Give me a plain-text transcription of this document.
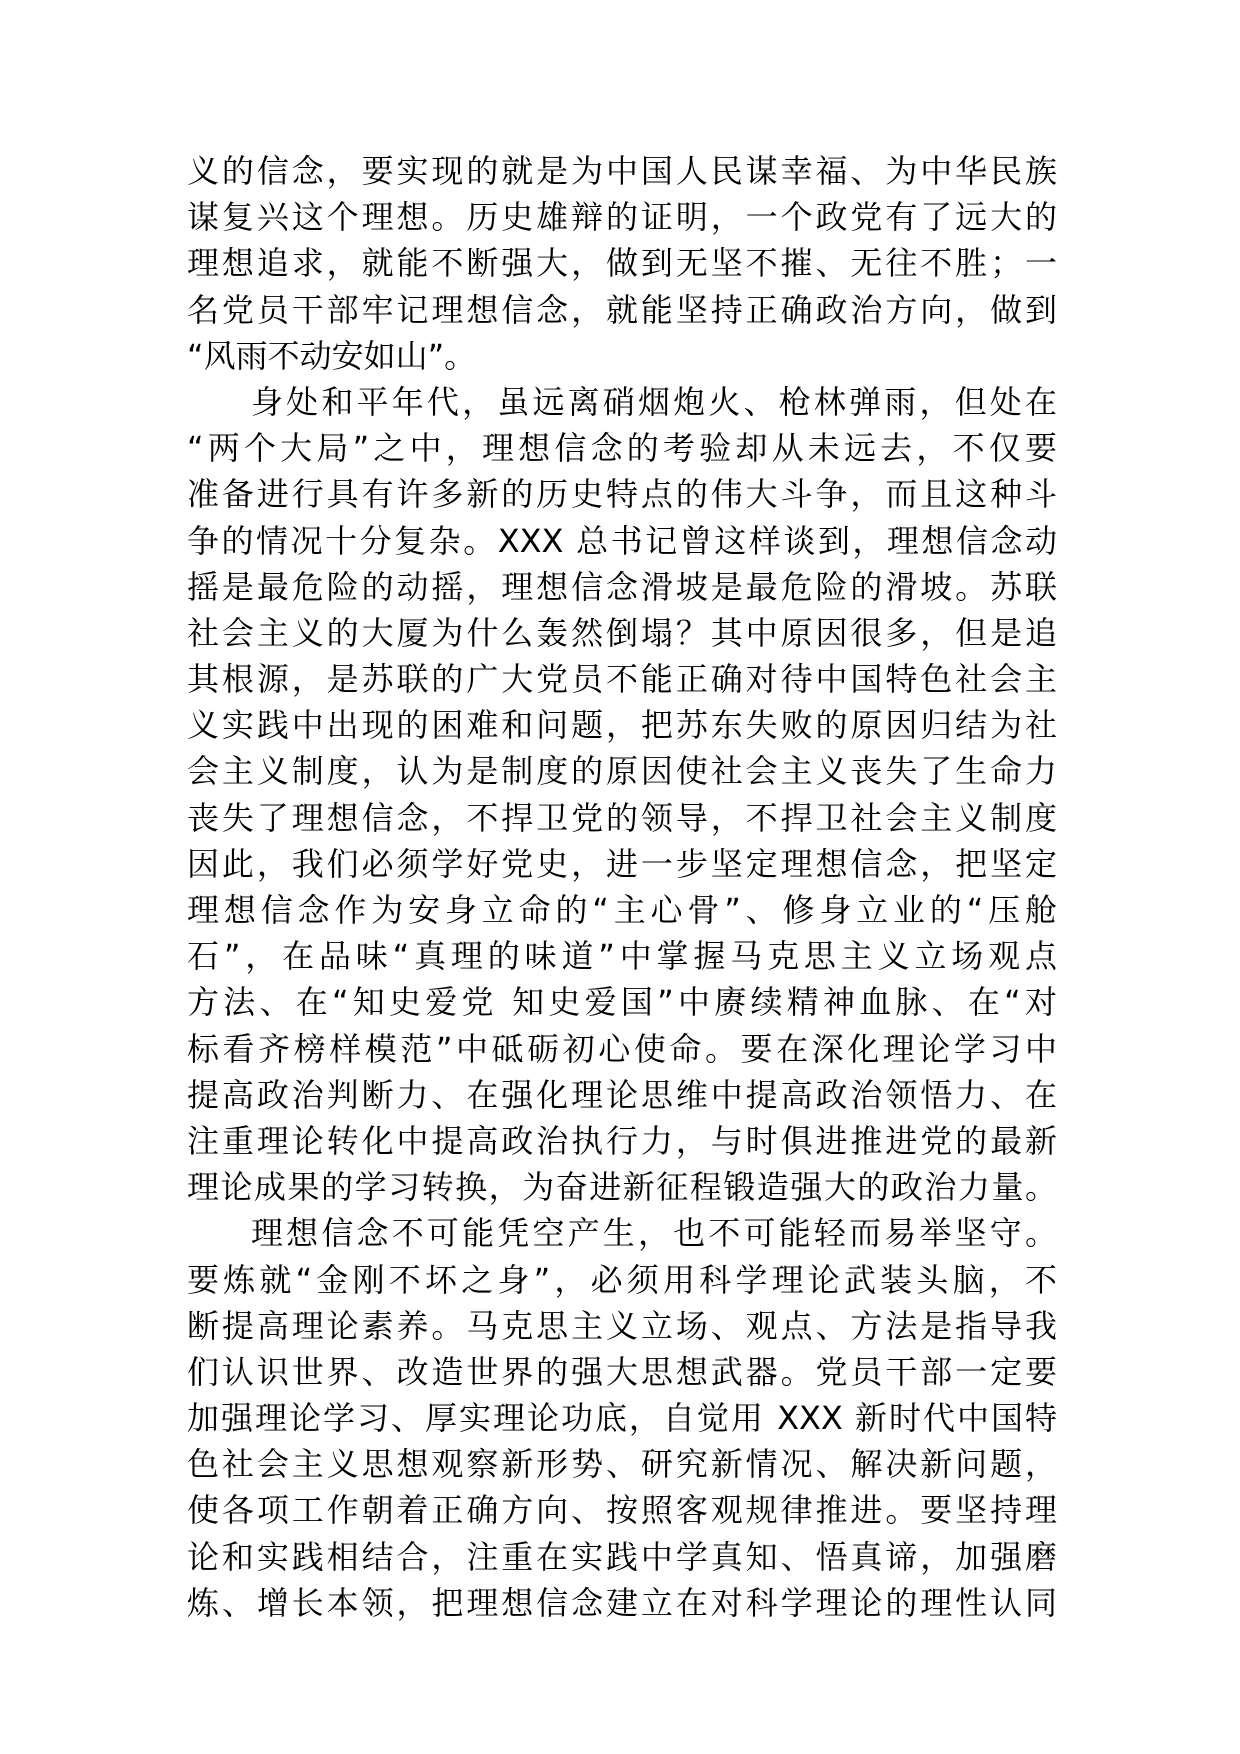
义的信念，要实现的就是为中国人民谋幸福、为中华民族
谋复兴这个理想。历史雄辩的证明，一个政党有了远大的
理想追求，就能不断强大，做到无坚不摧、无往不胜；一
名党员干部牢记理想信念，就能坚持正确政治方向，做到
“风雨不动安如山”。
身处和平年代，虽远离硝烟炮火、枪林弹雨，但处在
“两个大局”之中，理想信念的考验却从未远去，不仅要
准备进行具有许多新的历史特点的伟大斗争，而且这种斗
争的情况十分复杂。XXX 总书记曾这样谈到，理想信念动
摇是最危险的动摇，理想信念滑坡是最危险的滑坡。苏联
社会主义的大厦为什么轰然倒塌？其中原因很多，但是追
其根源，是苏联的广大党员不能正确对待中国特色社会主
义实践中出现的困难和问题，把苏东失败的原因归结为社
会主义制度，认为是制度的原因使社会主义丧失了生命力
丧失了理想信念，不捍卫党的领导，不捍卫社会主义制度
因此，我们必须学好党史，进一步坚定理想信念，把坚定
理想信念作为安身立命的“主心骨”、修身立业的“压舱
石”，在品味“真理的味道”中掌握马克思主义立场观点
方法、在“知史爱党 知史爱国”中赓续精神血脉、在“对
标看齐榜样模范”中砥砺初心使命。要在深化理论学习中
提高政治判断力、在强化理论思维中提高政治领悟力、在
注重理论转化中提高政治执行力，与时俱进推进党的最新
理论成果的学习转换，为奋进新征程锻造强大的政治力量。
理想信念不可能凭空产生，也不可能轻而易举坚守。
要炼就“金刚不坏之身”，必须用科学理论武装头脑，不
断提高理论素养。马克思主义立场、观点、方法是指导我
们认识世界、改造世界的强大思想武器。党员干部一定要
加强理论学习、厚实理论功底，自觉用 XXX 新时代中国特
色社会主义思想观察新形势、研究新情况、解决新问题，
使各项工作朝着正确方向、按照客观规律推进。要坚持理
论和实践相结合，注重在实践中学真知、悟真谛，加强磨
炼、增长本领，把理想信念建立在对科学理论的理性认同
